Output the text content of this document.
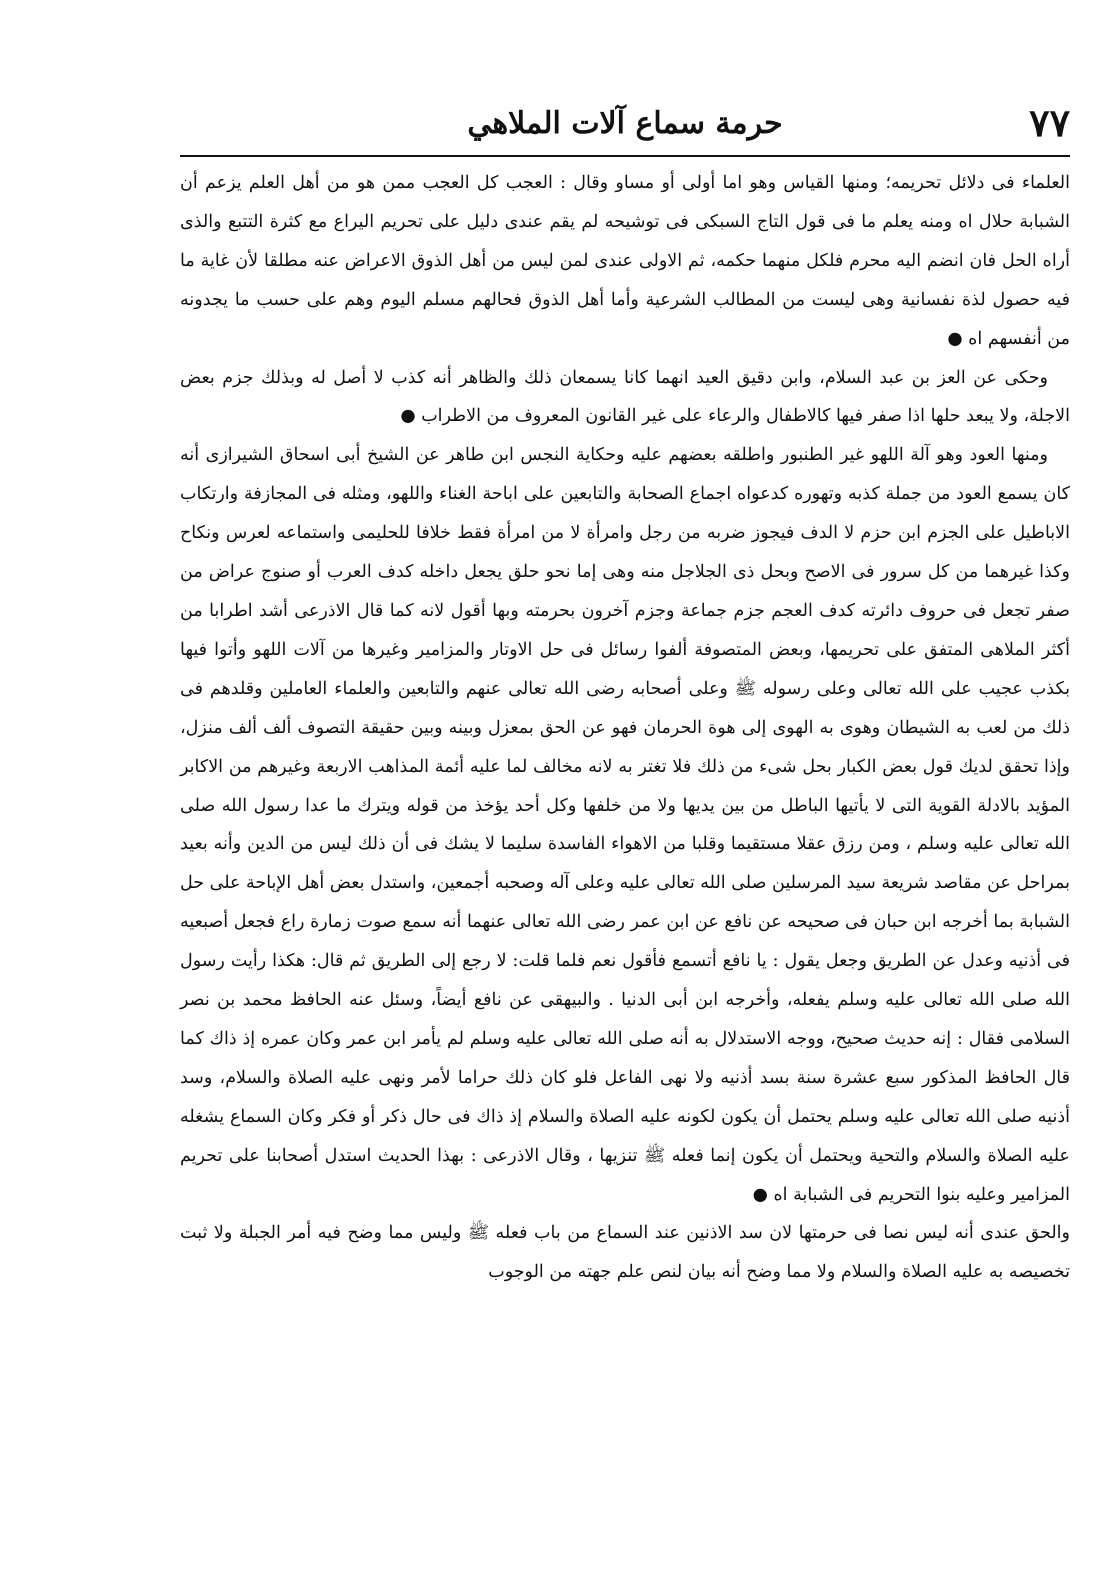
٧٧
حرمة سماع آلات الملاهي

العلماء فى دلائل تحريمه؛ ومنها القياس وهو اما أولى أو مساو وقال : العجب كل العجب ممن هو من أهل العلم يزعم أن الشبابة حلال اه ومنه يعلم ما فى قول التاج السبكى فى توشيحه لم يقم عندى دليل على تحريم اليراع مع كثرة التتبع والذى أراه الحل فان انضم اليه محرم فلكل منهما حكمه، ثم الاولى عندى لمن ليس من أهل الذوق الاعراض عنه مطلقا لأن غاية ما فيه حصول لذة نفسانية وهى ليست من المطالب الشرعية وأما أهل الذوق فحالهم مسلم اليوم وهم على حسب ما يجدونه من أنفسهم اه ●

وحكى عن العز بن عبد السلام، وابن دقيق العيد انهما كانا يسمعان ذلك والظاهر أنه كذب لا أصل له وبذلك جزم بعض الاجلة، ولا يبعد حلها اذا صفر فيها كالاطفال والرعاء على غير القانون المعروف من الاطراب ●

ومنها العود وهو آلة اللهو غير الطنبور واطلقه بعضهم عليه وحكاية النجس ابن طاهر عن الشيخ أبى اسحاق الشيرازى أنه كان يسمع العود من جملة كذبه وتهوره كدعواه اجماع الصحابة والتابعين على اباحة الغناء واللهو، ومثله فى المجازفة وارتكاب الاباطيل على الجزم ابن حزم لا الدف فيجوز ضربه من رجل وامرأة لا من امرأة فقط خلافا للحليمى واستماعه لعرس ونكاح وكذا غيرهما من كل سرور فى الاصح وبحل ذى الجلاجل منه وهى إما نحو حلق يجعل داخله كدف العرب أو صنوج عراض من صفر تجعل فى حروف دائرته كدف العجم جزم جماعة وجزم آخرون بحرمته وبها أقول لانه كما قال الاذرعى أشد اطرابا من أكثر الملاهى المتفق على تحريمها، وبعض المتصوفة ألفوا رسائل فى حل الاوتار والمزامير وغيرها من آلات اللهو وأتوا فيها بكذب عجيب على الله تعالى وعلى رسوله ﷺ وعلى أصحابه رضى الله تعالى عنهم والتابعين والعلماء العاملين وقلدهم فى ذلك من لعب به الشيطان وهوى به الهوى إلى هوة الحرمان فهو عن الحق بمعزل وبينه وبين حقيقة التصوف ألف ألف منزل، وإذا تحقق لديك قول بعض الكبار بحل شىء من ذلك فلا تغتر به لانه مخالف لما عليه أئمة المذاهب الاربعة وغيرهم من الاكابر المؤيد بالادلة القوية التى لا يأتيها الباطل من بين يديها ولا من خلفها وكل أحد يؤخذ من قوله ويترك ما عدا رسول الله صلى الله تعالى عليه وسلم ، ومن رزق عقلا مستقيما وقلبا من الاهواء الفاسدة سليما لا يشك فى أن ذلك ليس من الدين وأنه بعيد بمراحل عن مقاصد شريعة سيد المرسلين صلى الله تعالى عليه وعلى آله وصحبه أجمعين، واستدل بعض أهل الإباحة على حل الشبابة بما أخرجه ابن حبان فى صحيحه عن نافع عن ابن عمر رضى الله تعالى عنهما أنه سمع صوت زمارة راع فجعل أصبعيه فى أذنيه وعدل عن الطريق وجعل يقول : يا نافع أتسمع فأقول نعم فلما قلت: لا رجع إلى الطريق ثم قال: هكذا رأيت رسول الله صلى الله تعالى عليه وسلم يفعله، وأخرجه ابن أبى الدنيا . والبيهقى عن نافع أيضاً، وسئل عنه الحافظ محمد بن نصر السلامى فقال : إنه حديث صحيح، ووجه الاستدلال به أنه صلى الله تعالى عليه وسلم لم يأمر ابن عمر وكان عمره إذ ذاك كما قال الحافظ المذكور سبع عشرة سنة بسد أذنيه ولا نهى الفاعل فلو كان ذلك حراما لأمر ونهى عليه الصلاة والسلام، وسد أذنيه صلى الله تعالى عليه وسلم يحتمل أن يكون لكونه عليه الصلاة والسلام إذ ذاك فى حال ذكر أو فكر وكان السماع يشغله عليه الصلاة والسلام والتحية ويحتمل أن يكون إنما فعله ﷺ تنزيها ، وقال الاذرعى : بهذا الحديث استدل أصحابنا على تحريم المزامير وعليه بنوا التحريم فى الشبابة اه ●

والحق عندى أنه ليس نصا فى حرمتها لان سد الاذنين عند السماع من باب فعله ﷺ وليس مما وضح فيه أمر الجبلة ولا ثبت تخصيصه به عليه الصلاة والسلام ولا مما وضح أنه بيان لنص علم جهته من الوجوب
